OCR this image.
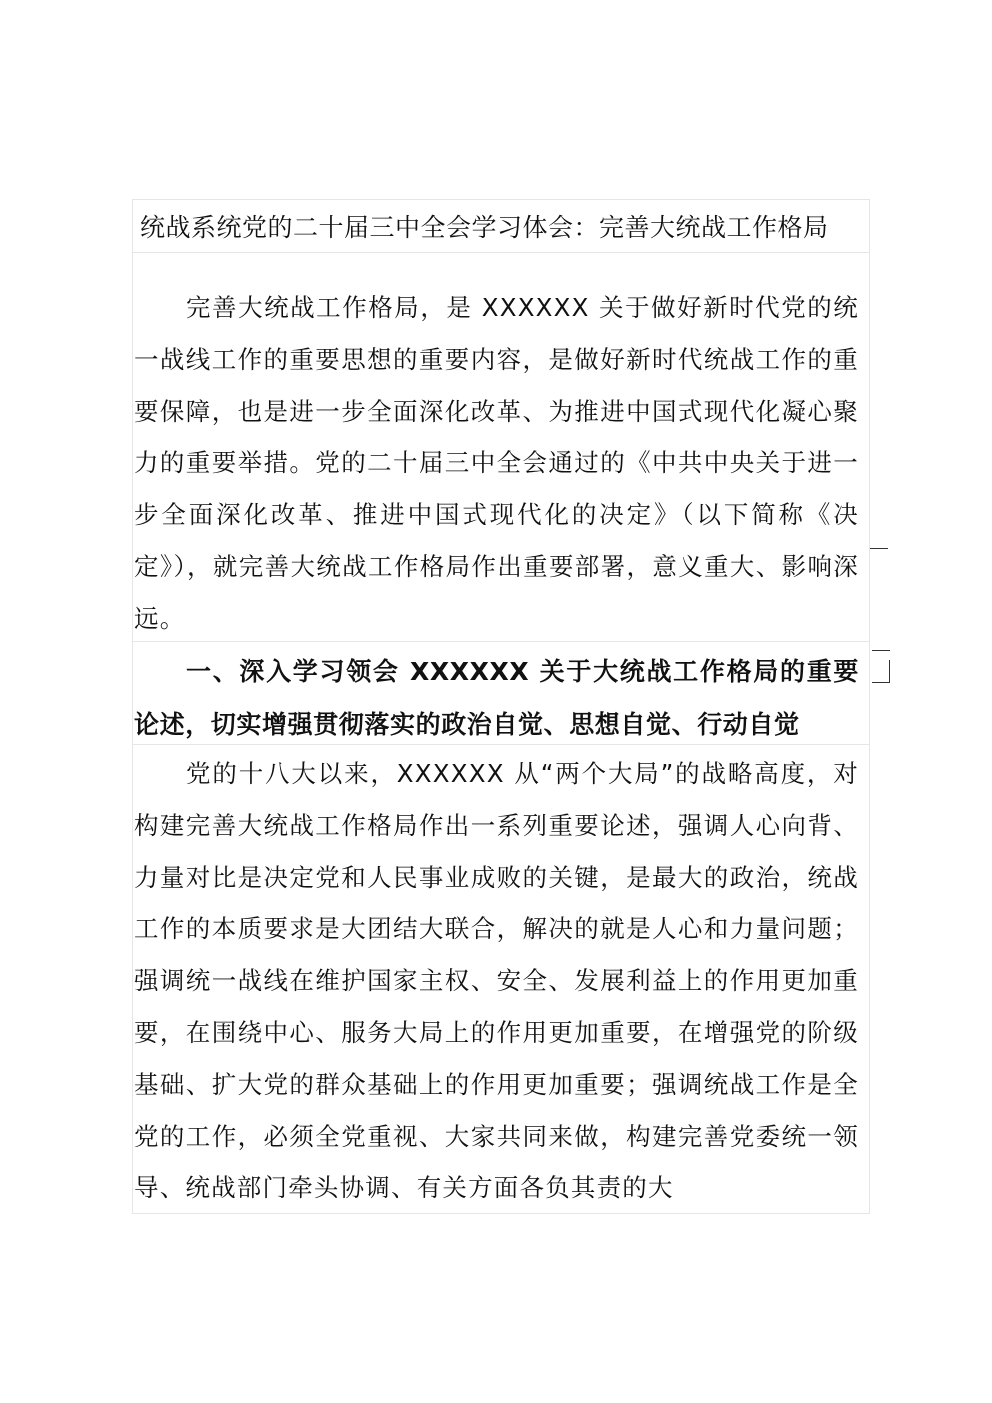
统战系统党的二十届三中全会学习体会：完善大统战工作格局

完善大统战工作格局，是 XXXXXX 关于做好新时代党的统一战线工作的重要思想的重要内容，是做好新时代统战工作的重要保障，也是进一步全面深化改革、为推进中国式现代化凝心聚力的重要举措。党的二十届三中全会通过的《中共中央关于进一步全面深化改革、推进中国式现代化的决定》（以下简称《决定》），就完善大统战工作格局作出重要部署，意义重大、影响深远。

一、深入学习领会 XXXXXX 关于大统战工作格局的重要论述，切实增强贯彻落实的政治自觉、思想自觉、行动自觉

党的十八大以来，XXXXXX 从“两个大局”的战略高度，对构建完善大统战工作格局作出一系列重要论述，强调人心向背、力量对比是决定党和人民事业成败的关键，是最大的政治，统战工作的本质要求是大团结大联合，解决的就是人心和力量问题；强调统一战线在维护国家主权、安全、发展利益上的作用更加重要，在围绕中心、服务大局上的作用更加重要，在增强党的阶级基础、扩大党的群众基础上的作用更加重要；强调统战工作是全党的工作，必须全党重视、大家共同来做，构建完善党委统一领导、统战部门牵头协调、有关方面各负其责的大
